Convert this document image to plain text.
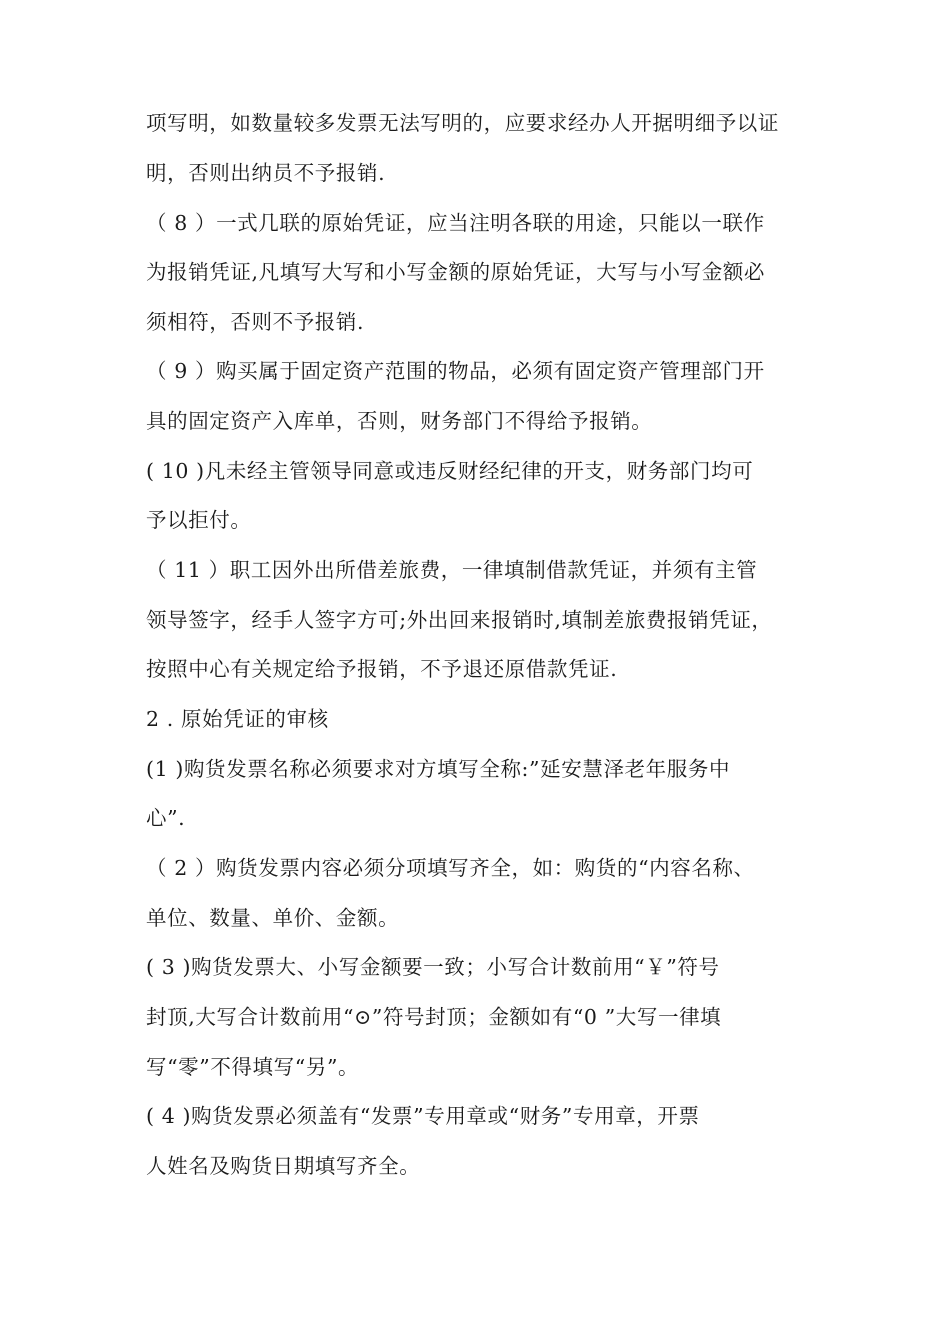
项写明，如数量较多发票无法写明的，应要求经办人开据明细予以证
明，否则出纳员不予报销.
（ 8 ）一式几联的原始凭证，应当注明各联的用途，只能以一联作
为报销凭证,凡填写大写和小写金额的原始凭证，大写与小写金额必
须相符，否则不予报销.
（ 9 ）购买属于固定资产范围的物品，必须有固定资产管理部门开
具的固定资产入库单，否则，财务部门不得给予报销。
( 10 )凡未经主管领导同意或违反财经纪律的开支，财务部门均可
予以拒付。
（ 11 ）职工因外出所借差旅费，一律填制借款凭证，并须有主管
领导签字，经手人签字方可;外出回来报销时,填制差旅费报销凭证，
按照中心有关规定给予报销，不予退还原借款凭证.
2 . 原始凭证的审核
(1 )购货发票名称必须要求对方填写全称:”延安慧泽老年服务中
心”.
（ 2 ）购货发票内容必须分项填写齐全，如：购货的“内容名称、
单位、数量、单价、金额。
( 3 )购货发票大、小写金额要一致；小写合计数前用“￥”符号
封顶,大写合计数前用“⊙”符号封顶；金额如有“0 ”大写一律填
写“零”不得填写“另”。
( 4 )购货发票必须盖有“发票”专用章或“财务”专用章，开票
人姓名及购货日期填写齐全。
